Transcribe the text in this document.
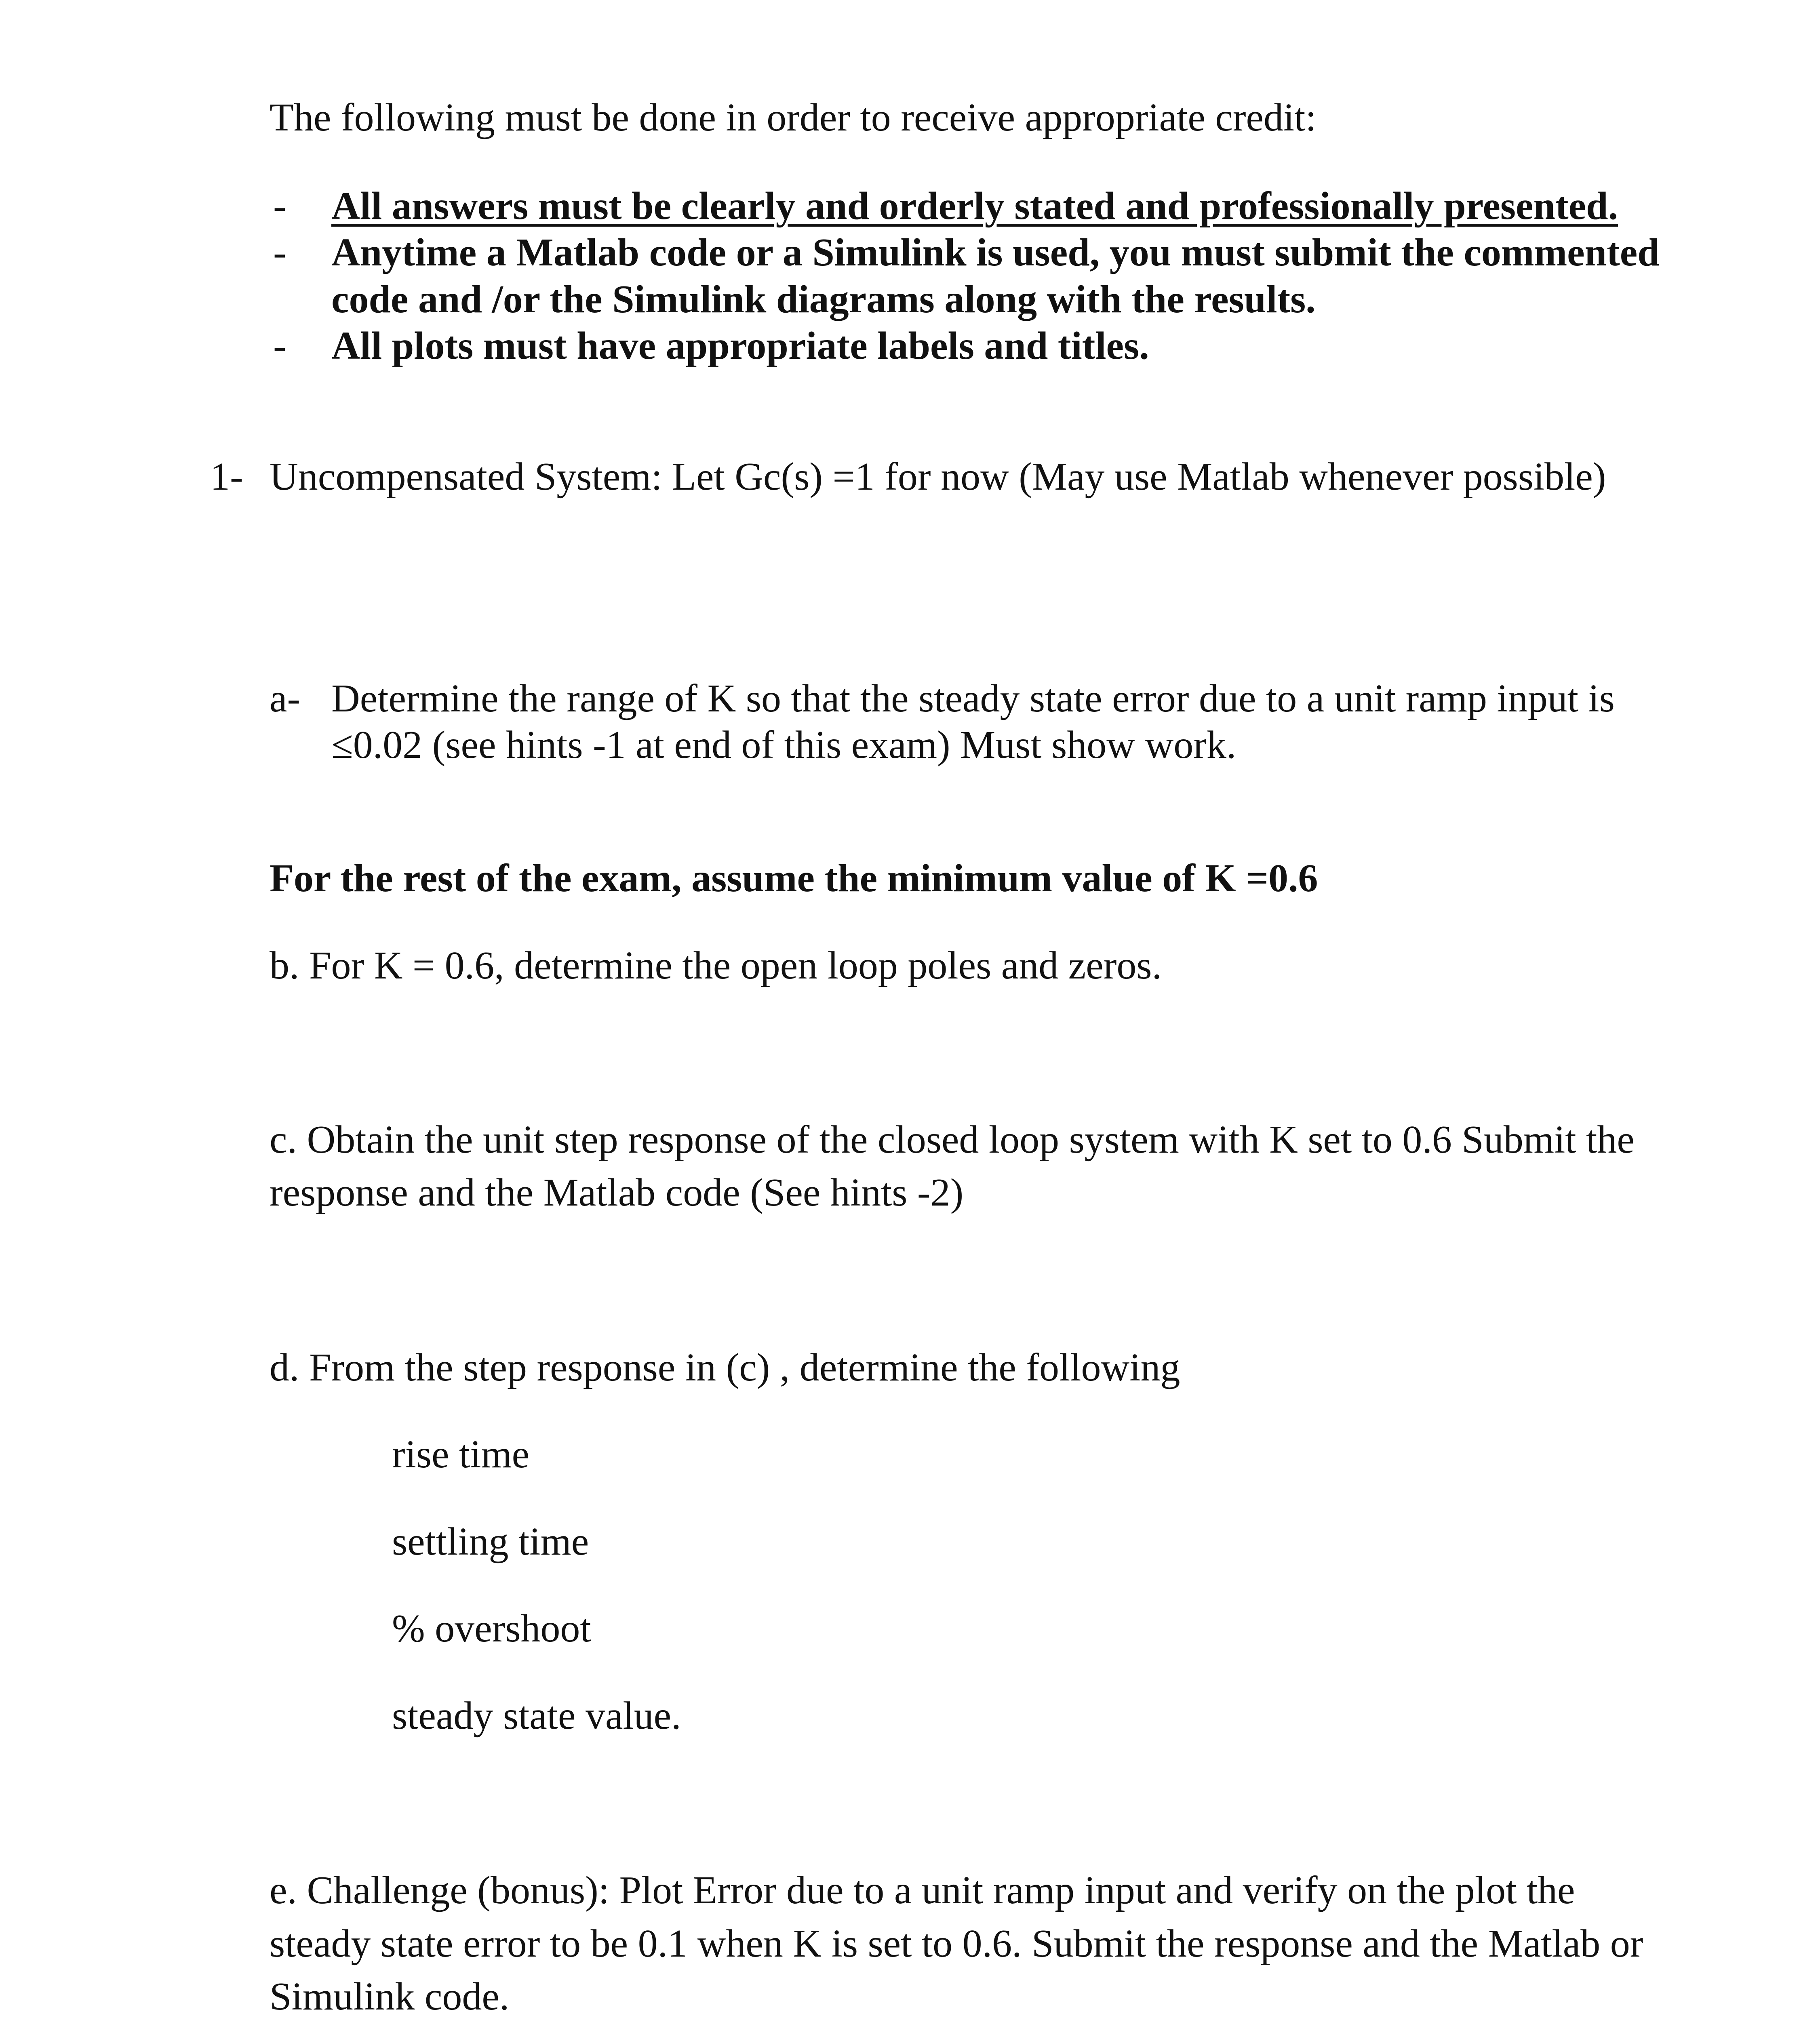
The following must be done in order to receive appropriate credit:
- All answers must be clearly and orderly stated and professionally presented.
- Anytime a Matlab code or a Simulink is used, you must submit the commented
code and /or the Simulink diagrams along with the results.
- All plots must have appropriate labels and titles.
1- Uncompensated System: Let Gc(s) =1 for now (May use Matlab whenever possible)
a- Determine the range of K so that the steady state error due to a unit ramp input is
≤0.02 (see hints -1 at end of this exam) Must show work.
For the rest of the exam, assume the minimum value of K =0.6
b. For K = 0.6, determine the open loop poles and zeros.
c. Obtain the unit step response of the closed loop system with K set to 0.6 Submit the
response and the Matlab code (See hints -2)
d. From the step response in (c) , determine the following
rise time
settling time
% overshoot
steady state value.
e. Challenge (bonus): Plot Error due to a unit ramp input and verify on the plot the
steady state error to be 0.1 when K is set to 0.6. Submit the response and the Matlab or
Simulink code.
